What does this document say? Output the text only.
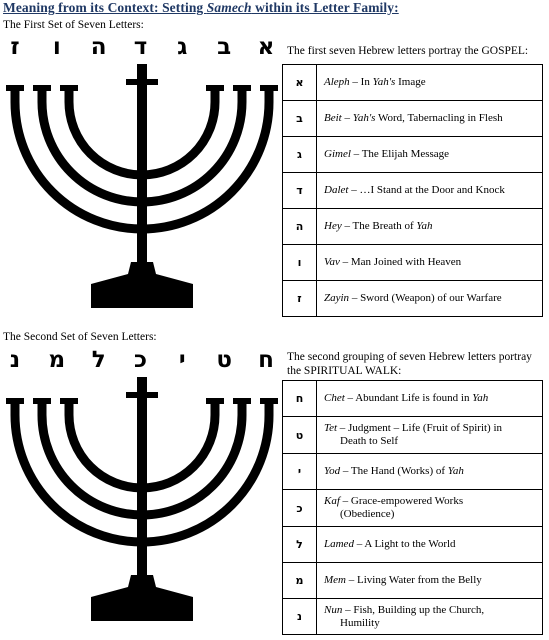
Meaning from its Context: Setting Samech within its Letter Family:
The First Set of Seven Letters:
ז ו ה ד ג ב א The first seven Hebrew letters portray the GOSPEL:
א	Aleph – In Yah's Image
ב	Beit – Yah's Word, Tabernacling in Flesh
ג	Gimel – The Elijah Message
ד	Dalet – …I Stand at the Door and Knock
ה	Hey – The Breath of Yah
ו	Vav – Man Joined with Heaven
ז	Zayin – Sword (Weapon) of our Warfare
The Second Set of Seven Letters:
נ מ ל כ י ט ח The second grouping of seven Hebrew letters portray the SPIRITUAL WALK:
ח	Chet – Abundant Life is found in Yah
ט	Tet – Judgment – Life (Fruit of Spirit) in
Death to Self

י	Yod – The Hand (Works) of Yah
כ	Kaf – Grace-empowered Works
(Obedience)

ל	Lamed – A Light to the World
מ	Mem – Living Water from the Belly
נ	Nun – Fish, Building up the Church,
Humility
